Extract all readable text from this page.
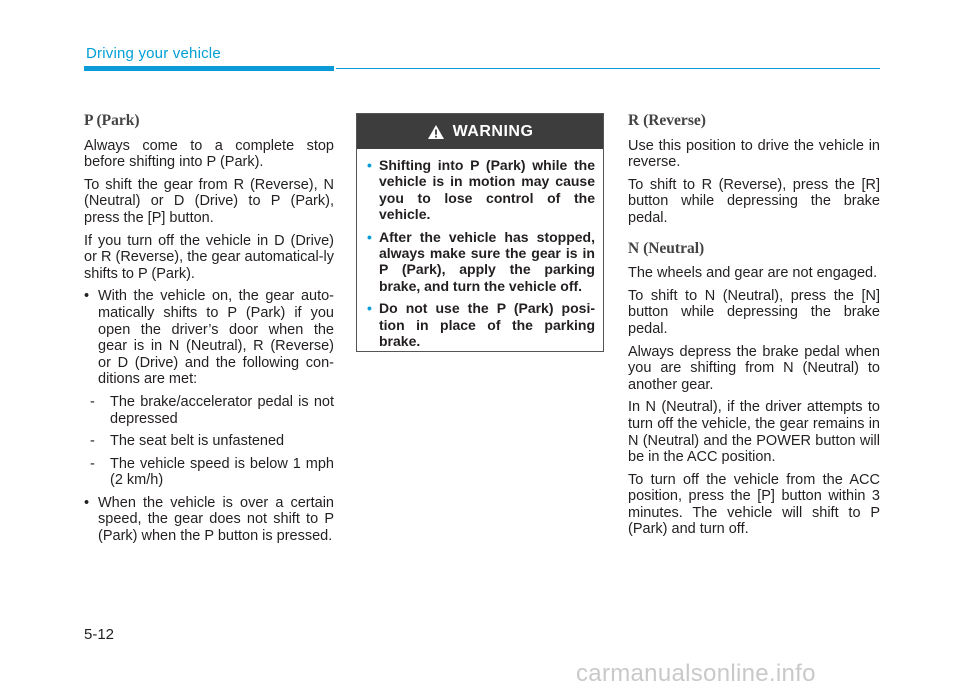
Driving your vehicle
P (Park)

Always come to a complete stop before shifting into P (Park).

To shift the gear from R (Reverse), N (Neutral) or D (Drive) to P (Park), press the [P] button.

If you turn off the vehicle in D (Drive) or R (Reverse), the gear automatical-ly shifts to P (Park).

• With the vehicle on, the gear auto-matically shifts to P (Park) if you open the driver’s door when the gear is in N (Neutral), R (Reverse) or D (Drive) and the following con-ditions are met:
- The brake/accelerator pedal is not depressed
- The seat belt is unfastened
- The vehicle speed is below 1 mph (2 km/h)
• When the vehicle is over a certain speed, the gear does not shift to P (Park) when the P button is pressed.
WARNING
• Shifting into P (Park) while the vehicle is in motion may cause you to lose control of the vehicle.
• After the vehicle has stopped, always make sure the gear is in P (Park), apply the parking brake, and turn the vehicle off.
• Do not use the P (Park) posi-tion in place of the parking brake.
R (Reverse)

Use this position to drive the vehicle in reverse.

To shift to R (Reverse), press the [R] button while depressing the brake pedal.

N (Neutral)

The wheels and gear are not engaged.

To shift to N (Neutral), press the [N] button while depressing the brake pedal.

Always depress the brake pedal when you are shifting from N (Neutral) to another gear.

In N (Neutral), if the driver attempts to turn off the vehicle, the gear remains in N (Neutral) and the POWER button will be in the ACC position.

To turn off the vehicle from the ACC position, press the [P] button within 3 minutes. The vehicle will shift to P (Park) and turn off.

5-12
carmanualsonline.info
